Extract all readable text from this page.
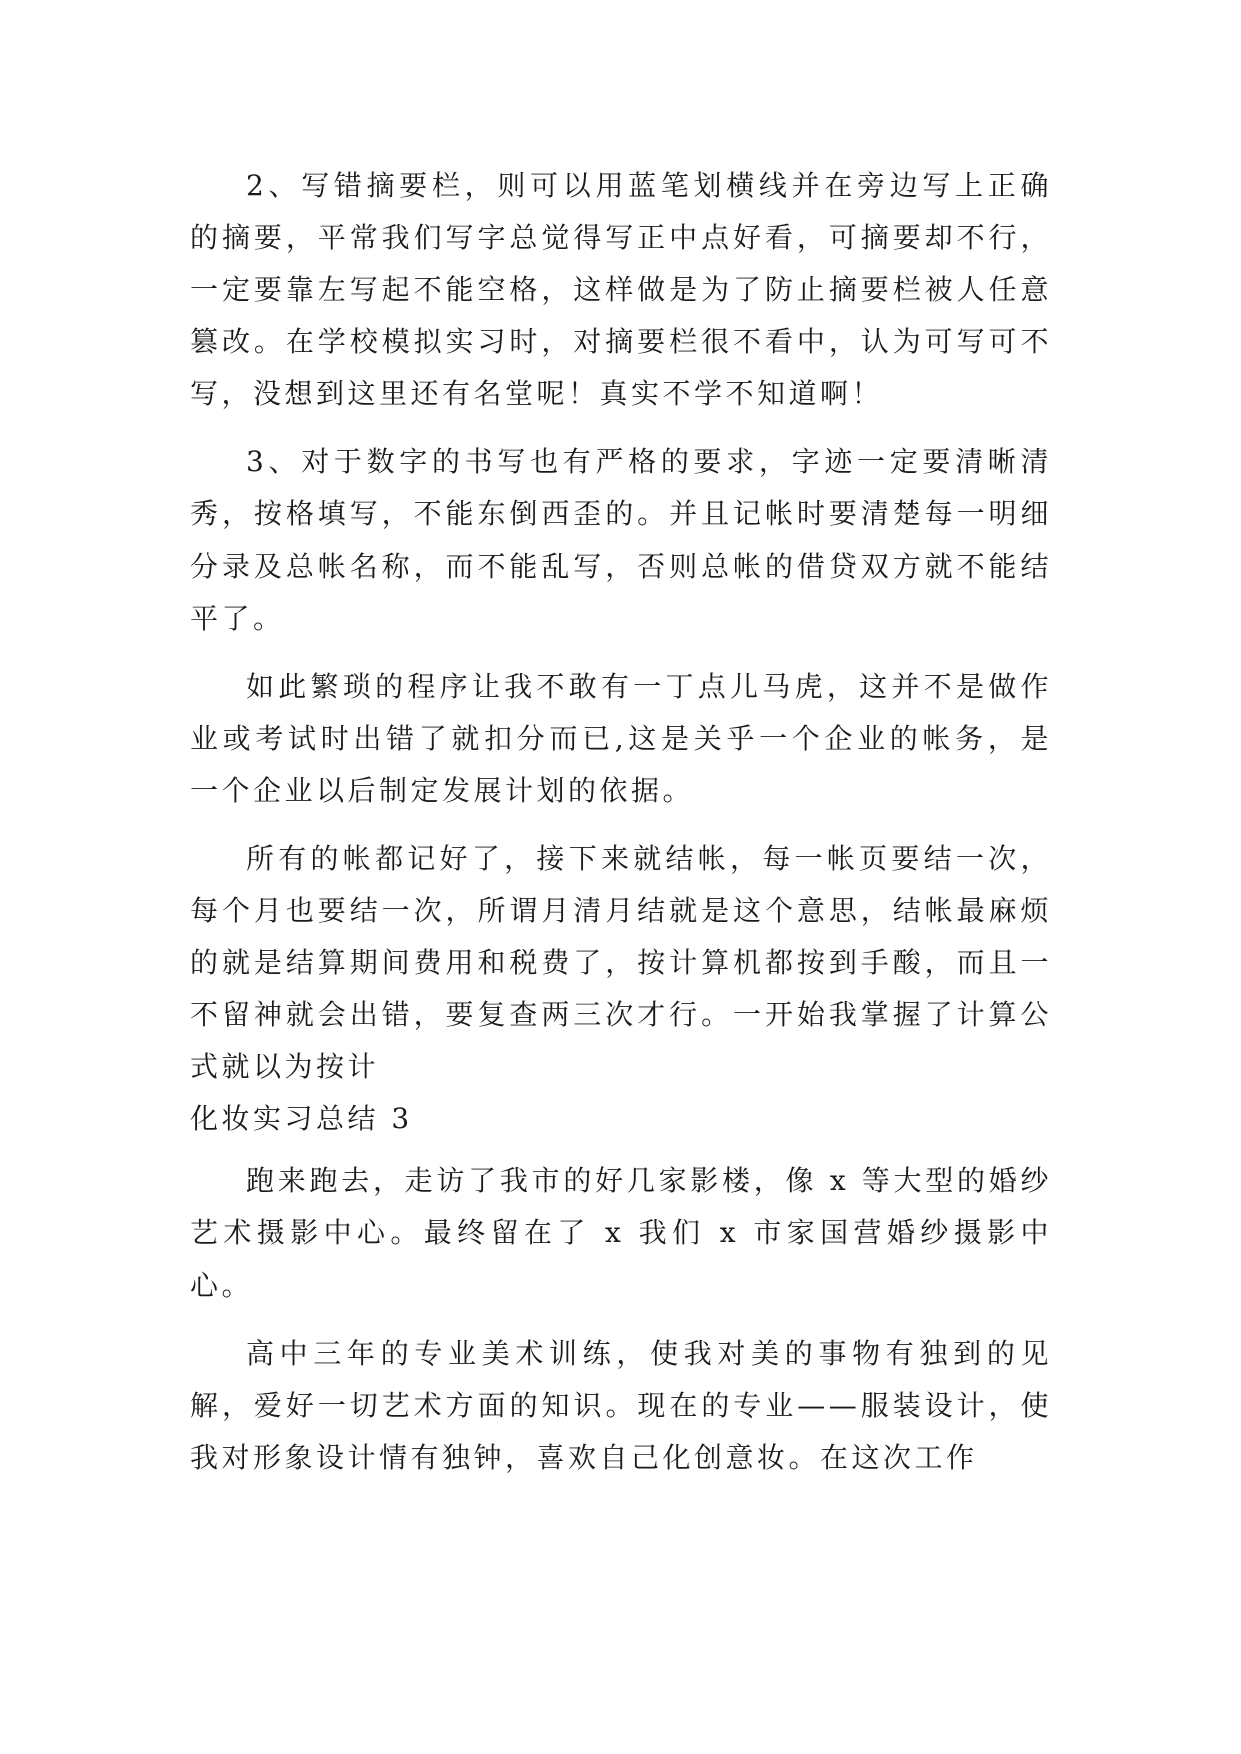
2、写错摘要栏，则可以用蓝笔划横线并在旁边写上正确的摘要，平常我们写字总觉得写正中点好看，可摘要却不行，一定要靠左写起不能空格，这样做是为了防止摘要栏被人任意篡改。在学校模拟实习时，对摘要栏很不看中，认为可写可不写，没想到这里还有名堂呢！真实不学不知道啊！

3、对于数字的书写也有严格的要求，字迹一定要清晰清秀，按格填写，不能东倒西歪的。并且记帐时要清楚每一明细分录及总帐名称，而不能乱写，否则总帐的借贷双方就不能结平了。

如此繁琐的程序让我不敢有一丁点儿马虎，这并不是做作业或考试时出错了就扣分而已,这是关乎一个企业的帐务，是一个企业以后制定发展计划的依据。

所有的帐都记好了，接下来就结帐，每一帐页要结一次，每个月也要结一次，所谓月清月结就是这个意思，结帐最麻烦的就是结算期间费用和税费了，按计算机都按到手酸，而且一不留神就会出错，要复查两三次才行。一开始我掌握了计算公式就以为按计

化妆实习总结 3

跑来跑去，走访了我市的好几家影楼，像 x 等大型的婚纱艺术摄影中心。最终留在了 x 我们 x 市家国营婚纱摄影中心。

高中三年的专业美术训练，使我对美的事物有独到的见解，爱好一切艺术方面的知识。现在的专业——服装设计，使我对形象设计情有独钟，喜欢自己化创意妆。在这次工作
